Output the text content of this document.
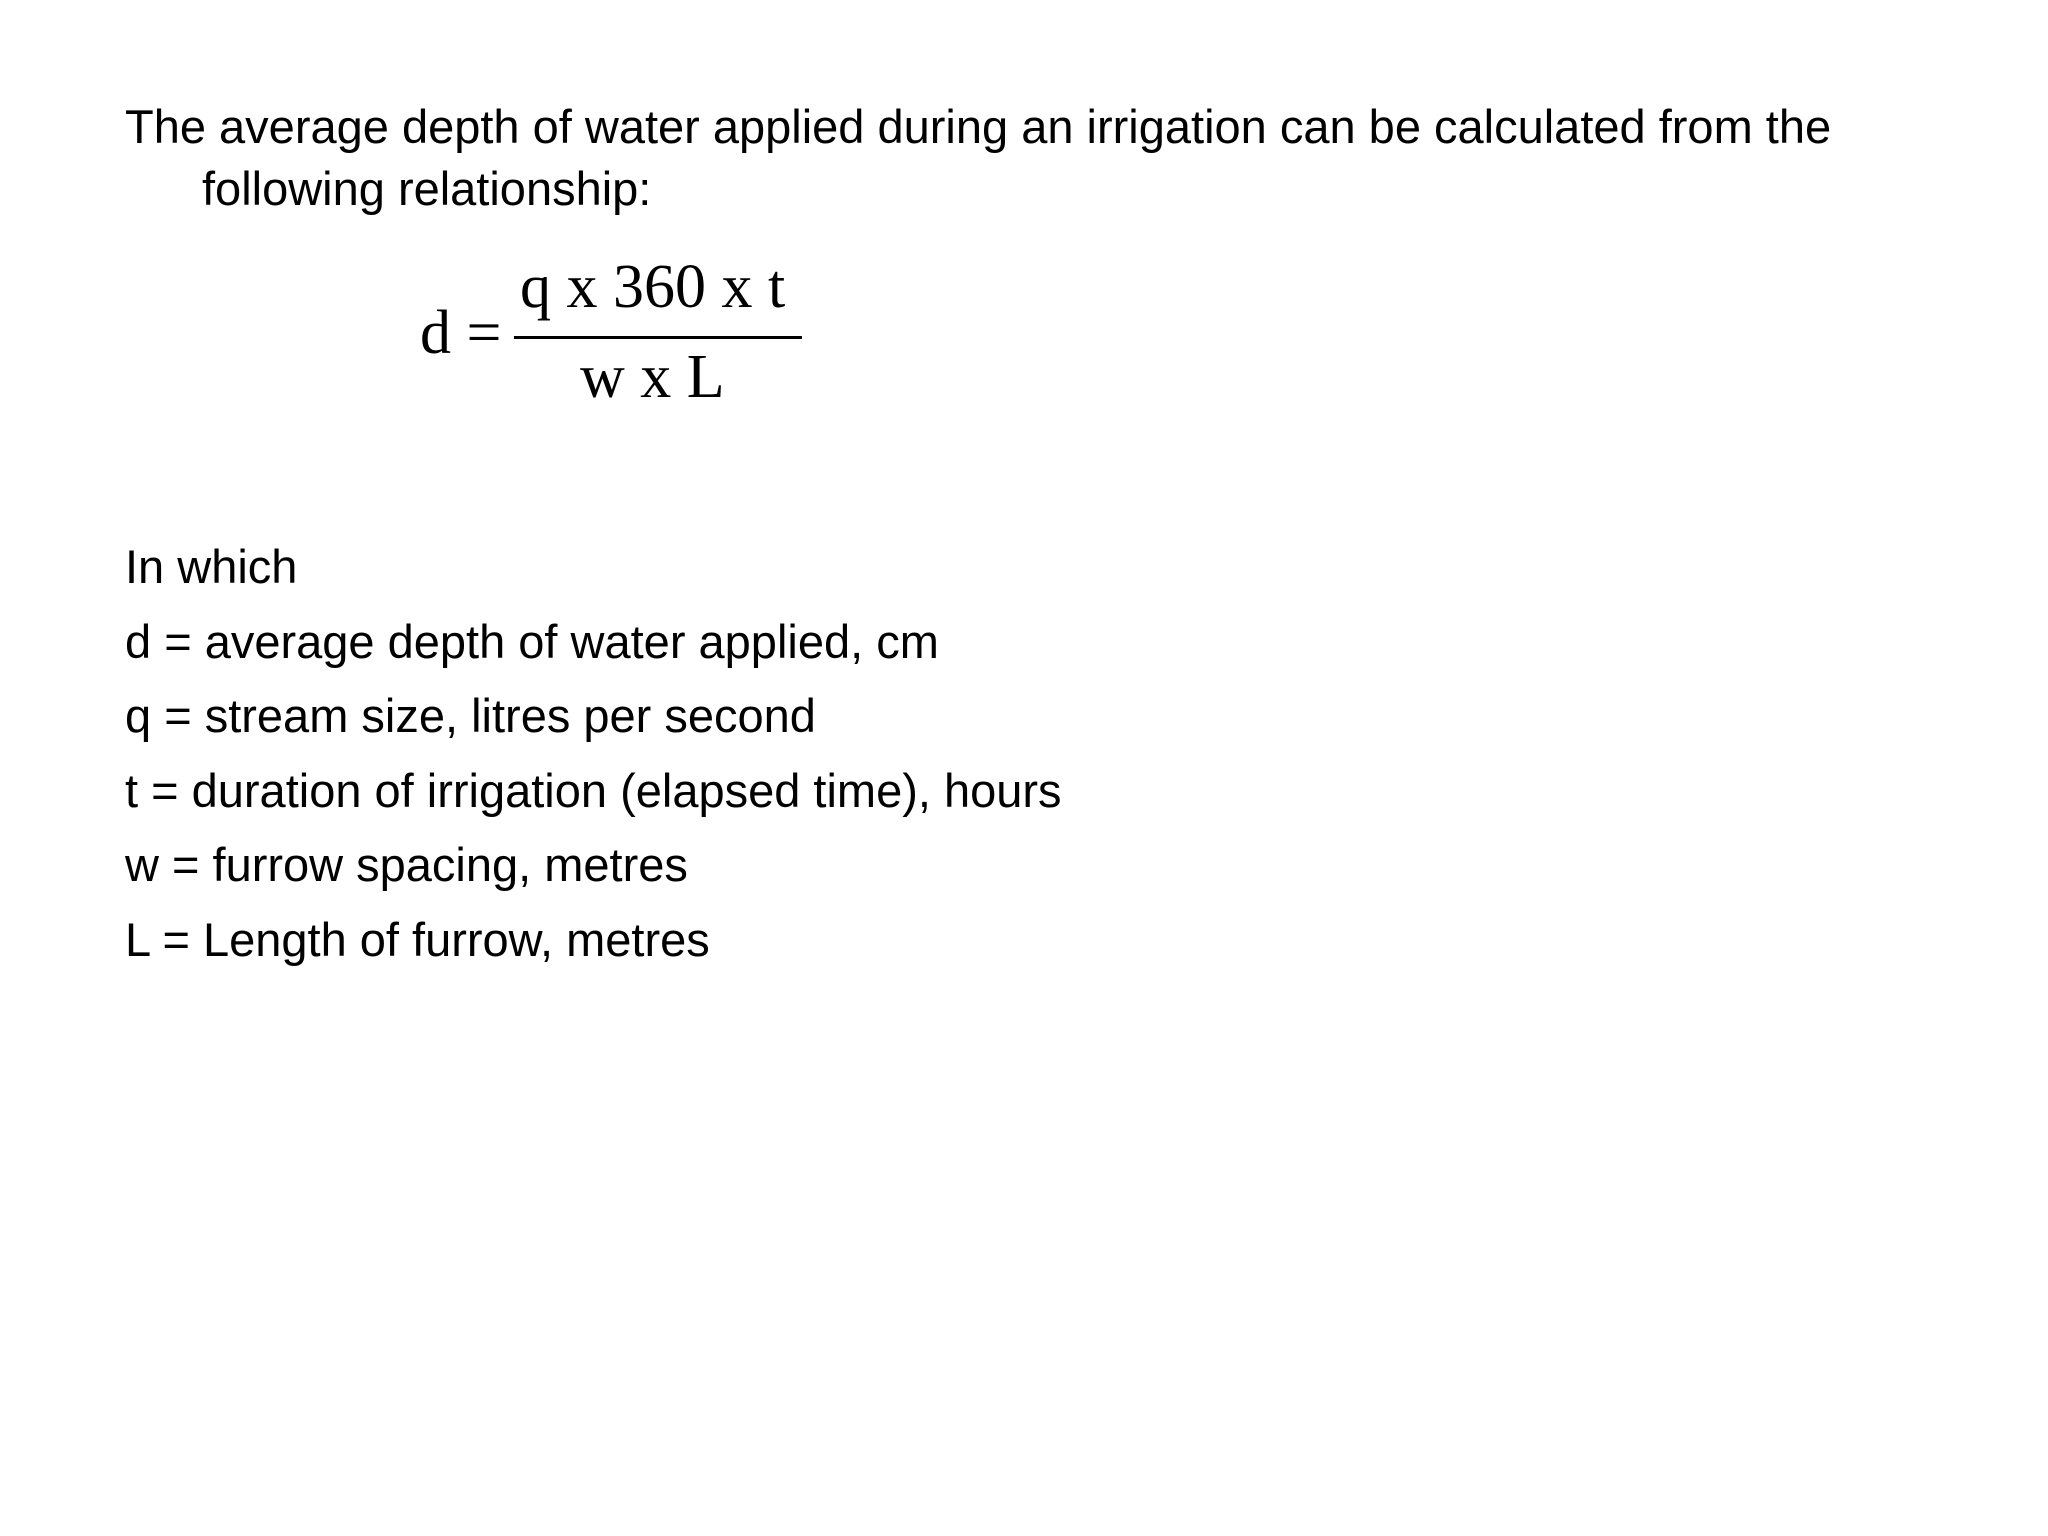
The average depth of water applied during an irrigation can be calculated from the
following relationship:

d =
q x 360 x t
w x L
In which
d = average depth of water applied, cm
q = stream size, litres per second
t = duration of irrigation (elapsed time), hours
w = furrow spacing, metres
L = Length of furrow, metres
